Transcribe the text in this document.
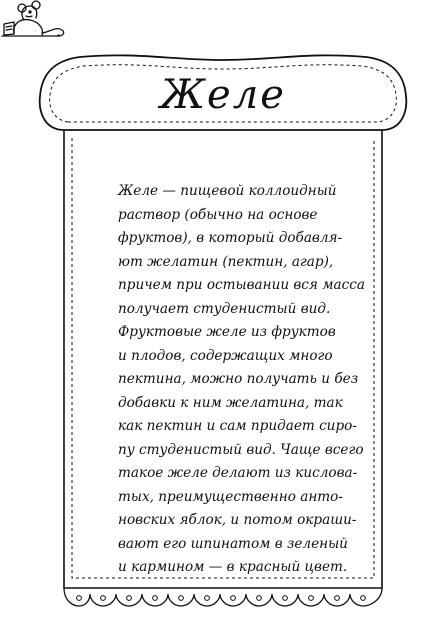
Желе

Желе — пищевой коллоидный
раствор (обычно на основе
фруктов), в который добавля-
ют желатин (пектин, агар),
причем при остывании вся масса
получает студенистый вид.
Фруктовые желе из фруктов
и плодов, содержащих много
пектина, можно получать и без
добавки к ним желатина, так
как пектин и сам придает сиро-
пу студенистый вид. Чаще всего
такое желе делают из кислова-
тых, преимущественно анто-
новских яблок, и потом окраши-
вают его шпинатом в зеленый
и кармином — в красный цвет.
